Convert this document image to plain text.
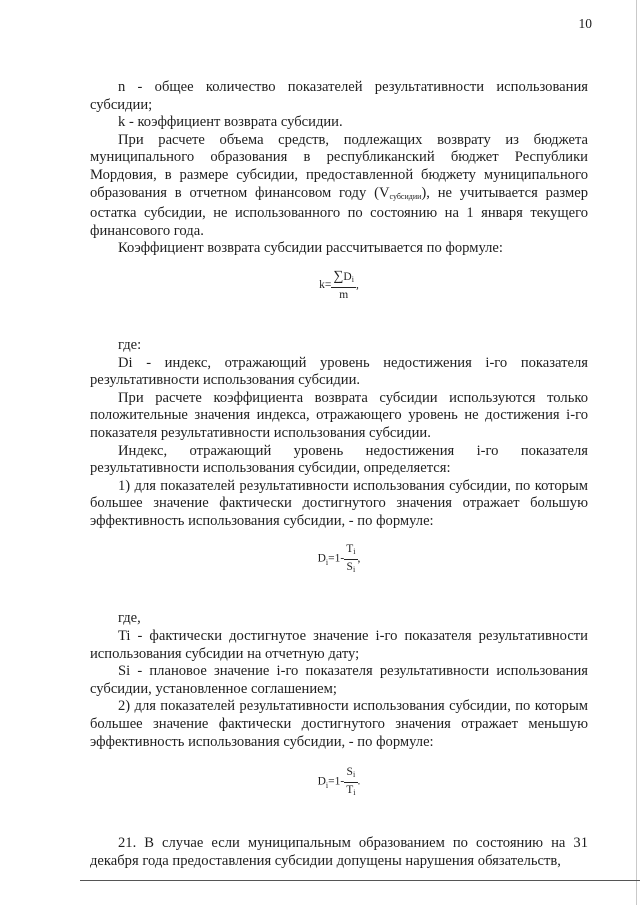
10

n - общее количество показателей результативности использования субсидии;

k - коэффициент возврата субсидии.

При расчете объема средств, подлежащих возврату из бюджета муниципального образования в республиканский бюджет Республики Мордовия, в размере субсидии, предоставленной бюджету муниципального образования в отчетном финансовом году $(V_{субсидии})$, не учитывается размер остатка субсидии, не использованного по состоянию на 1 января текущего финансового года.

Коэффициент возврата субсидии рассчитывается по формуле:

$k= \frac{\sum D_i}{m}$ ,

где:

Di - индекс, отражающий уровень недостижения i-го показателя результативности использования субсидии.

При расчете коэффициента возврата субсидии используются только положительные значения индекса, отражающего уровень не достижения i-го показателя результативности использования субсидии.

Индекс, отражающий уровень недостижения i-го показателя результативности использования субсидии, определяется:

1) для показателей результативности использования субсидии, по которым большее значение фактически достигнутого значения отражает большую эффективность использования субсидии, - по формуле:

$D_i=1- \frac{T_i}{S_i}$ ,

где,

Ti - фактически достигнутое значение i-го показателя результативности использования субсидии на отчетную дату;

Si - плановое значение i-го показателя результативности использования субсидии, установленное соглашением;

2) для показателей результативности использования субсидии, по которым большее значение фактически достигнутого значения отражает меньшую эффективность использования субсидии, - по формуле:

$D_i=1- \frac{S_i}{T_i}$ .

21. В случае если муниципальным образованием по состоянию на 31 декабря года предоставления субсидии допущены нарушения обязательств,
